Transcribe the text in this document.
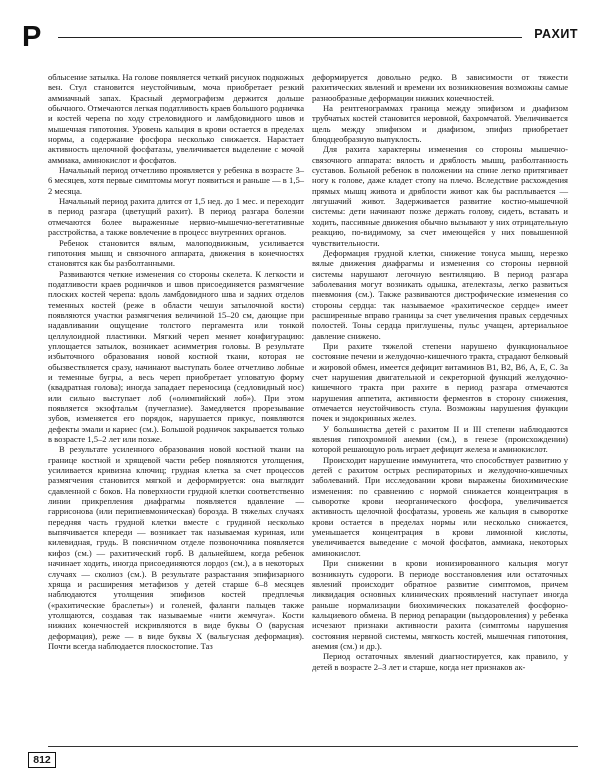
Р	РАХИТ

облысение затылка. На голове появляется четкий рисунок подкожных вен. Стул становится неустойчивым, моча приобретает резкий аммиачный запах. Красный дермографизм держится дольше обычного. Отмечаются легкая податливость краев большого родничка и костей черепа по ходу стреловидного и ламбдовидного швов и мышечная гипотония. Уровень кальция в крови остается в пределах нормы, а содержание фосфора несколько снижается. Нарастает активность щелочной фосфатазы, увеличивается выделение с мочой аммиака, аминокислот и фосфатов.

Начальный период отчетливо проявляется у ребенка в возрасте 3–6 месяцев, хотя первые симптомы могут появиться и раньше — в 1,5–2 месяца.

Начальный период рахита длится от 1,5 нед. до 1 мес. и переходит в период разгара (цветущий рахит). В период разгара болезни отмечаются более выраженные нервно-мышечно-вегетативные расстройства, а также вовлечение в процесс внутренних органов.

Ребенок становится вялым, малоподвижным, усиливается гипотония мышц и связочного аппарата, движения в конечностях становятся как бы разболтанными.

Развиваются четкие изменения со стороны скелета. К легкости и податливости краев родничков и швов присоединяется размягчение плоских костей черепа: вдоль ламбдовидного шва и задних отделов теменных костей (реже в области чешуи затылочной кости) появляются участки размягчения величиной 15–20 см, дающие при надавливании ощущение толстого пергамента или тонкой целлулоидной пластинки. Мягкий череп меняет конфигурацию: уплощается затылок, возникает асимметрия головы. В результате избыточного образования новой костной ткани, которая не обызвествляется сразу, начинают выступать более отчетливо лобные и теменные бугры, а весь череп приобретает угловатую форму (квадратная голова); иногда западает переносица (седловидный нос) или сильно выступает лоб («олимпийский лоб»). При этом появляется экзофтальм (пучеглазие). Замедляется прорезывание зубов, изменяется его порядок, нарушается прикус, появляются дефекты эмали и кариес (см.). Большой родничок закрывается только в возрасте 1,5–2 лет или позже.

В результате усиленного образования новой костной ткани на границе костной и хрящевой части ребер появляются утолщения, усиливается кривизна ключиц; грудная клетка за счет процессов размягчения становится мягкой и деформируется: она выглядит сдавленной с боков. На поверхности грудной клетки соответственно линии прикрепления диафрагмы появляется вдавление — гаррисонова (или перипневмоническая) борозда. В тяжелых случаях передняя часть грудной клетки вместе с грудиной несколько выпячивается кпереди — возникает так называемая куриная, или килевидная, грудь. В поясничном отделе позвоночника появляется кифоз (см.) — рахитический горб. В дальнейшем, когда ребенок начинает ходить, иногда присоединяются лордоз (см.), а в некоторых случаях — сколиоз (см.). В результате разрастания эпифизарного хряща и расширения метафизов у детей старше 6–8 месяцев наблюдаются утолщения эпифизов костей предплечья («рахитические браслеты») и голеней, фаланги пальцев также утолщаются, создавая так называемые «нити жемчуга». Кости нижних конечностей искривляются в виде буквы О (варусная деформация), реже — в виде буквы Х (вальгусная деформация). Почти всегда наблюдается плоскостопие. Таз

деформируется довольно редко. В зависимости от тяжести рахитических явлений и времени их возникновения возможны самые разнообразные деформации нижних конечностей.

На рентгенограммах граница между эпифизом и диафизом трубчатых костей становится неровной, бахромчатой. Увеличивается щель между эпифизом и диафизом, эпифиз приобретает блюдцеобразную выпуклость.

Для рахита характерны изменения со стороны мышечно-связочного аппарата: вялость и дряблость мышц, разболтанность суставов. Больной ребенок в положении на спине легко притягивает ногу к голове, даже кладет стопу на плечо. Вследствие расхождения прямых мышц живота и дряблости живот как бы расплывается — лягушачий живот. Задерживается развитие костно-мышечной системы: дети начинают позже держать голову, сидеть, вставать и ходить, пассивные движения обычно вызывают у них отрицательную реакцию, по-видимому, за счет имеющейся у них повышенной чувствительности.

Деформация грудной клетки, снижение тонуса мышц, нерезко вялые движения диафрагмы и изменения со стороны нервной системы нарушают легочную вентиляцию. В период разгара заболевания могут возникать одышка, ателектазы, легко развиться пневмония (см.). Также развиваются дистрофические изменения со стороны сердца: так называемое «рахитическое сердце» имеет расширенные вправо границы за счет увеличения правых сердечных полостей. Тоны сердца приглушены, пульс учащен, артериальное давление снижено.

При рахите тяжелой степени нарушено функциональное состояние печени и желудочно-кишечного тракта, страдают белковый и жировой обмен, имеется дефицит витаминов B1, B2, B6, A, E, C. За счет нарушения двигательной и секреторной функций желудочно-кишечного тракта при рахите в период разгара отмечаются нарушения аппетита, активности ферментов в сторону снижения, отмечается неустойчивость стула. Возможны нарушения функции почек и эндокринных желез.

У большинства детей с рахитом II и III степени наблюдаются явления гипохромной анемии (см.), в генезе (происхождении) которой решающую роль играет дефицит железа и аминокислот.

Происходит нарушение иммунитета, что способствует развитию у детей с рахитом острых респираторных и желудочно-кишечных заболеваний. При исследовании крови выражены биохимические изменения: по сравнению с нормой снижается концентрация в сыворотке крови неорганического фосфора, увеличивается активность щелочной фосфатазы, уровень же кальция в сыворотке крови остается в пределах нормы или несколько снижается, уменьшается концентрация в крови лимонной кислоты, увеличивается выведение с мочой фосфатов, аммиака, некоторых аминокислот.

При снижении в крови ионизированного кальция могут возникнуть судороги. В периоде восстановления или остаточных явлений происходит обратное развитие симптомов, причем ликвидация основных клинических проявлений наступает иногда раньше нормализации биохимических показателей фосфорно-кальциевого обмена. В период репарации (выздоровления) у ребенка исчезают признаки активности рахита (симптомы нарушения состояния нервной системы, мягкость костей, мышечная гипотония, анемия (см.) и др.).

Период остаточных явлений диагностируется, как правило, у детей в возрасте 2–3 лет и старше, когда нет признаков ак-

812
